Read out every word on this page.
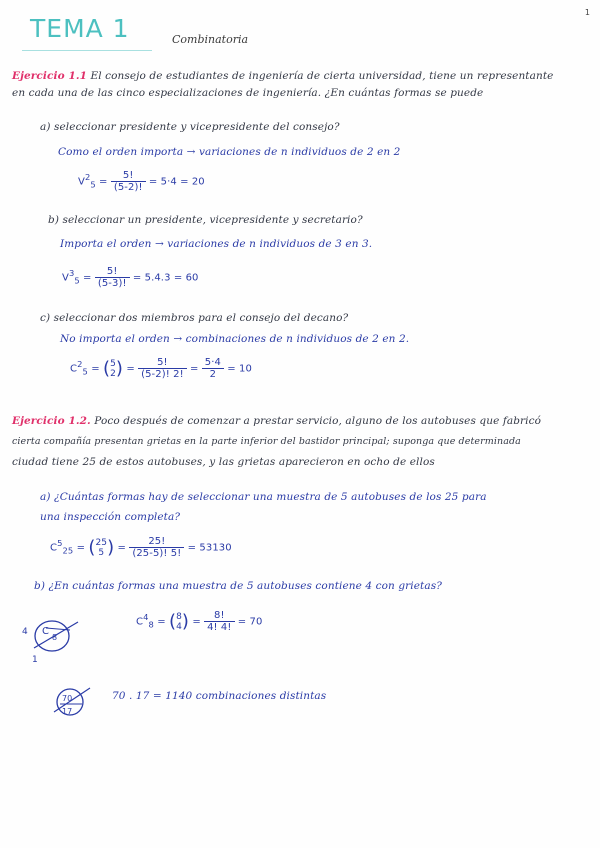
1
TEMA 1	Combinatoria
Ejercicio 1.1 El consejo de estudiantes de ingeniería de cierta universidad, tiene un representante
en cada una de las cinco especializaciones de ingeniería. ¿En cuántas formas se puede
a) seleccionar presidente y vicepresidente del consejo?
Como el orden importa → variaciones de n individuos de 2 en 2
$V^2_5 = \frac{5!}{(5-2)!} = 5\cdot 4 = 20$
b) seleccionar un presidente, vicepresidente y secretario?
Importa el orden → variaciones de n individuos de 3 en 3.
$V^3_5 = \frac{5!}{(5-3)!} = 5.4.3 = 60$
c) seleccionar dos miembros para el consejo del decano?
No importa el orden → combinaciones de n individuos de 2 en 2.
$C^2_5$ = ( 5
2 ) = $\frac{5!}{(5-2)! 2!} = \frac{5\cdot 4}{2} = 10$
Ejercicio 1.2. Poco después de comenzar a prestar servicio, alguno de los autobuses que fabricó
cierta compañía presentan grietas en la parte inferior del bastidor principal; suponga que determinada
ciudad tiene 25 de estos autobuses, y las grietas aparecieron en ocho de ellos
a) ¿Cuántas formas hay de seleccionar una muestra de 5 autobuses de los 25 para
una inspección completa?
$C^5_{25}$ = ( 25
5 ) = $\frac{25!}{(25-5)! 5!} = 53130$
b) ¿En cuántas formas una muestra de 5 autobuses contiene 4 con grietas?
$C^4_8$ = ( 8
4 ) = $\frac{8!}{4! 4!} = 70$
4 C
8
1
70
17
70 . 17 = 1140 combinaciones distintas
